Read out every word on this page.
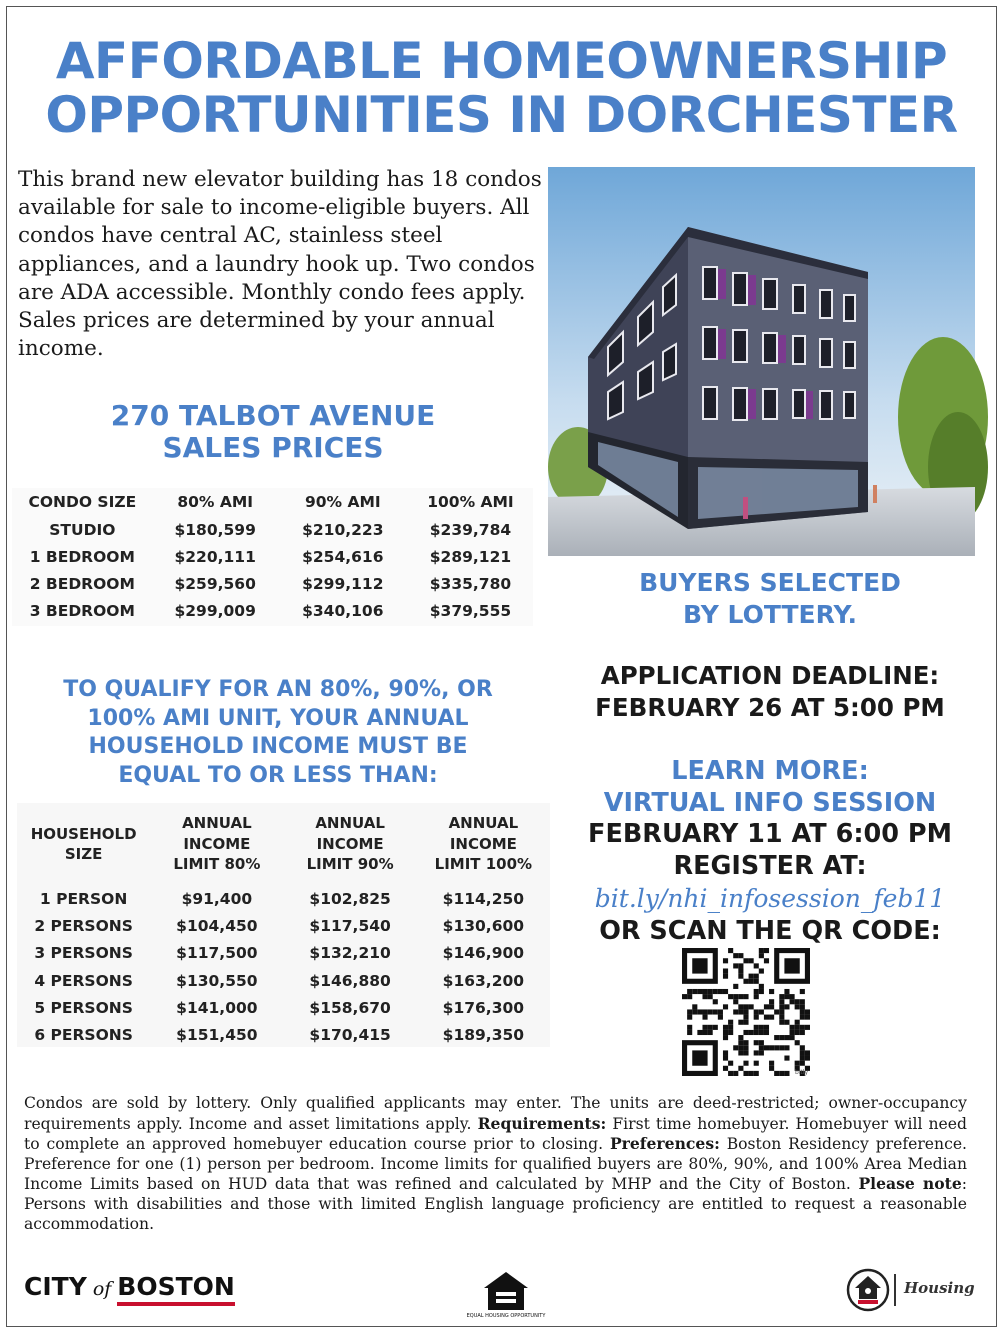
AFFORDABLE HOMEOWNERSHIP
OPPORTUNITIES IN DORCHESTER

This brand new elevator building has 18 condos available for sale to income-eligible buyers. All condos have central AC, stainless steel appliances, and a laundry hook up. Two condos are ADA accessible. Monthly condo fees apply. Sales prices are determined by your annual income.

270 TALBOT AVENUE
SALES PRICES
CONDO SIZE	80% AMI	90% AMI	100% AMI
STUDIO	$180,599	$210,223	$239,784
1 BEDROOM	$220,111	$254,616	$289,121
2 BEDROOM	$259,560	$299,112	$335,780
3 BEDROOM	$299,009	$340,106	$379,555
BUYERS SELECTED
BY LOTTERY.
TO QUALIFY FOR AN 80%, 90%, OR
100% AMI UNIT, YOUR ANNUAL
HOUSEHOLD INCOME MUST BE
EQUAL TO OR LESS THAN:
APPLICATION DEADLINE:
FEBRUARY 26 AT 5:00 PM
LEARN MORE:
VIRTUAL INFO SESSION
FEBRUARY 11 AT 6:00 PM
REGISTER AT:
bit.ly/nhi_infosession_feb11
OR SCAN THE QR CODE:
bitly
HOUSEHOLD
SIZE	ANNUAL
INCOME
LIMIT 80%	ANNUAL
INCOME
LIMIT 90%	ANNUAL
INCOME
LIMIT 100%

1 PERSON	$91,400	$102,825	$114,250
2 PERSONS	$104,450	$117,540	$130,600
3 PERSONS	$117,500	$132,210	$146,900
4 PERSONS	$130,550	$146,880	$163,200
5 PERSONS	$141,000	$158,670	$176,300
6 PERSONS	$151,450	$170,415	$189,350

Condos are sold by lottery. Only qualified applicants may enter. The units are deed-restricted; owner-occupancy requirements apply. Income and asset limitations apply. Requirements: First time homebuyer. Homebuyer will need to complete an approved homebuyer education course prior to closing. Preferences: Boston Residency preference. Preference for one (1) person per bedroom. Income limits for qualified buyers are 80%, 90%, and 100% Area Median Income Limits based on HUD data that was refined and calculated by MHP and the City of Boston. Please note: Persons with disabilities and those with limited English language proficiency are entitled to request a reasonable accommodation.

CITY of BOSTON
EQUAL HOUSING OPPORTUNITY
Housing
